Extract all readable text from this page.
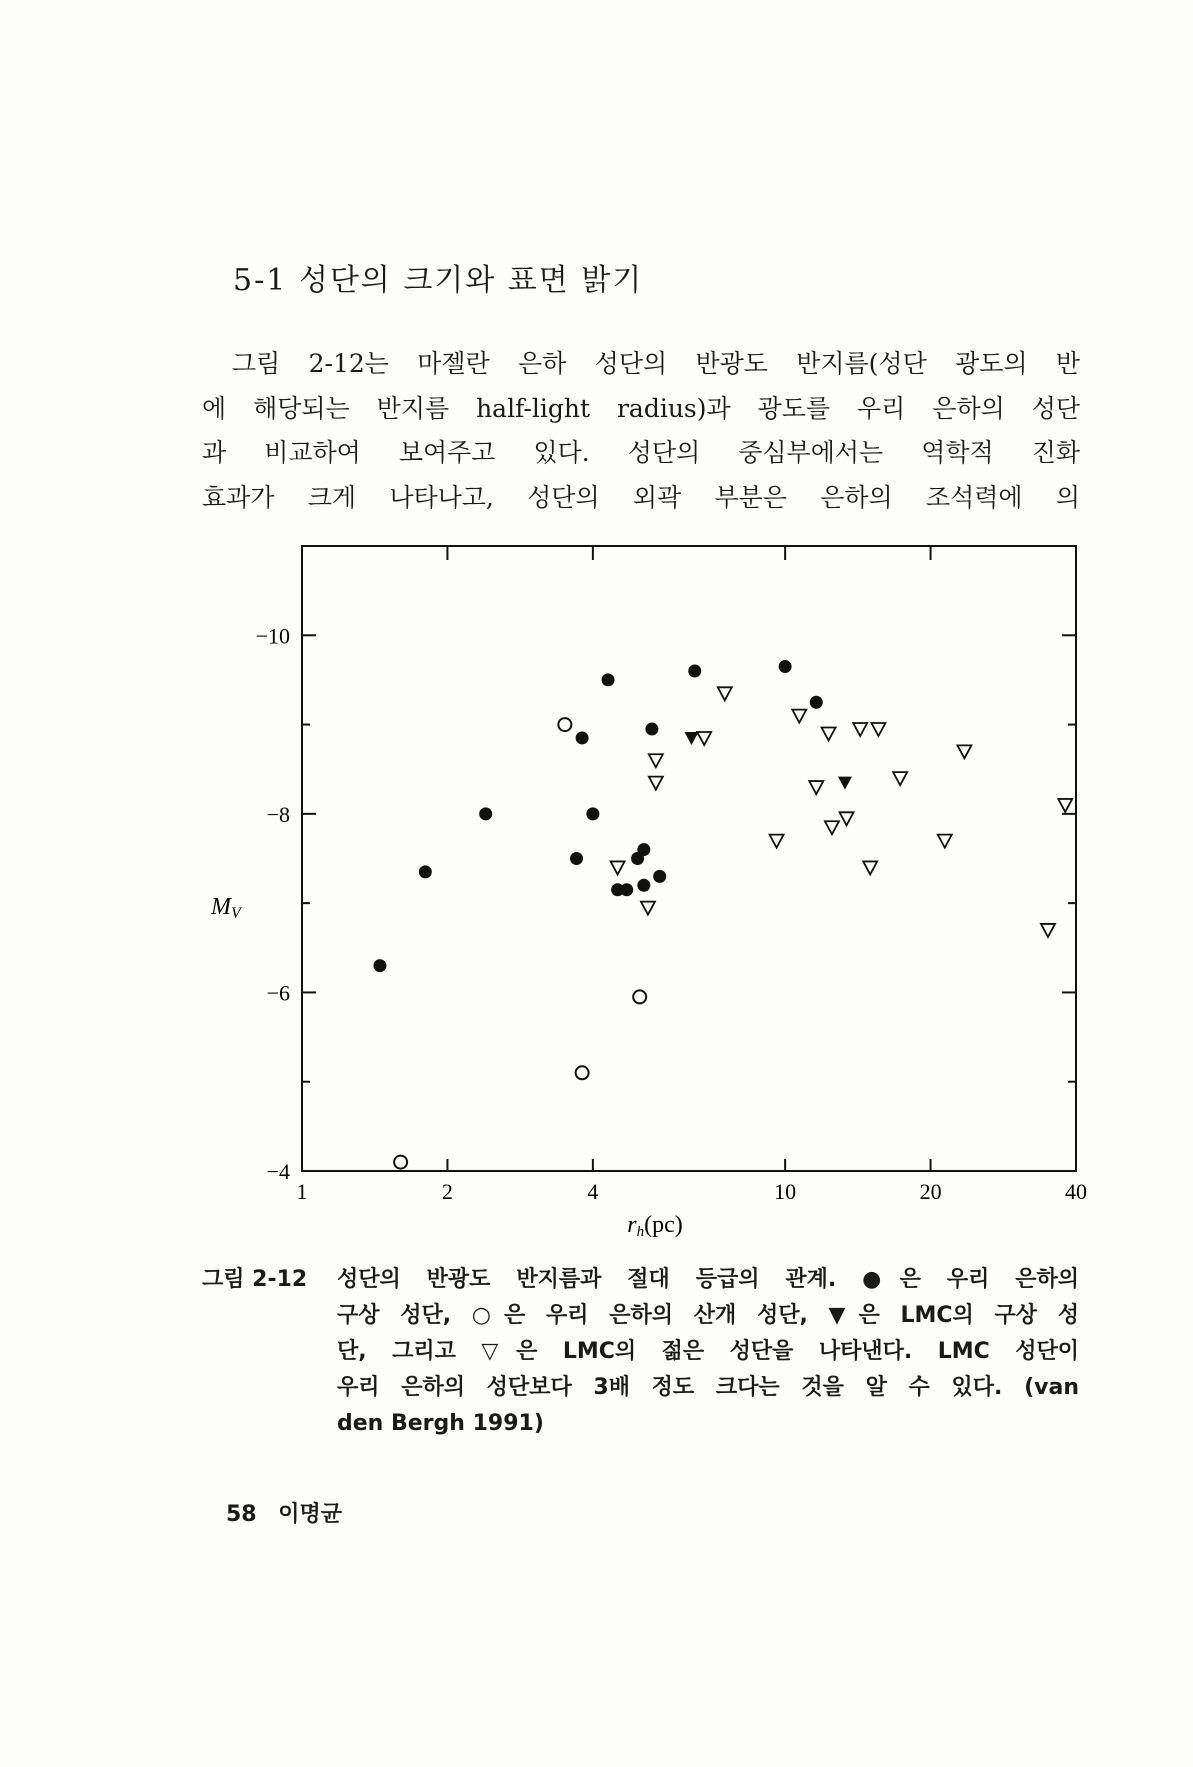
5-1 성단의 크기와 표면 밝기
그림 2-12는 마젤란 은하 성단의 반광도 반지름(성단 광도의 반
에 해당되는 반지름 half-light radius)과 광도를 우리 은하의 성단
과 비교하여 보여주고 있다. 성단의 중심부에서는 역학적 진화
효과가 크게 나타나고, 성단의 외곽 부분은 은하의 조석력에 의
1	2	4	10	20	40
−10
−8
−6
−4
MV
rh(pc)
그림 2-12 성단의 반광도 반지름과 절대 등급의 관계. ●은 우리 은하의
구상 성단, ○은 우리 은하의 산개 성단, ▼은 LMC의 구상 성
단, 그리고 ▽은 LMC의 젊은 성단을 나타낸다. LMC 성단이
우리 은하의 성단보다 3배 정도 크다는 것을 알 수 있다. (van
den Bergh 1991)
58 이명균
